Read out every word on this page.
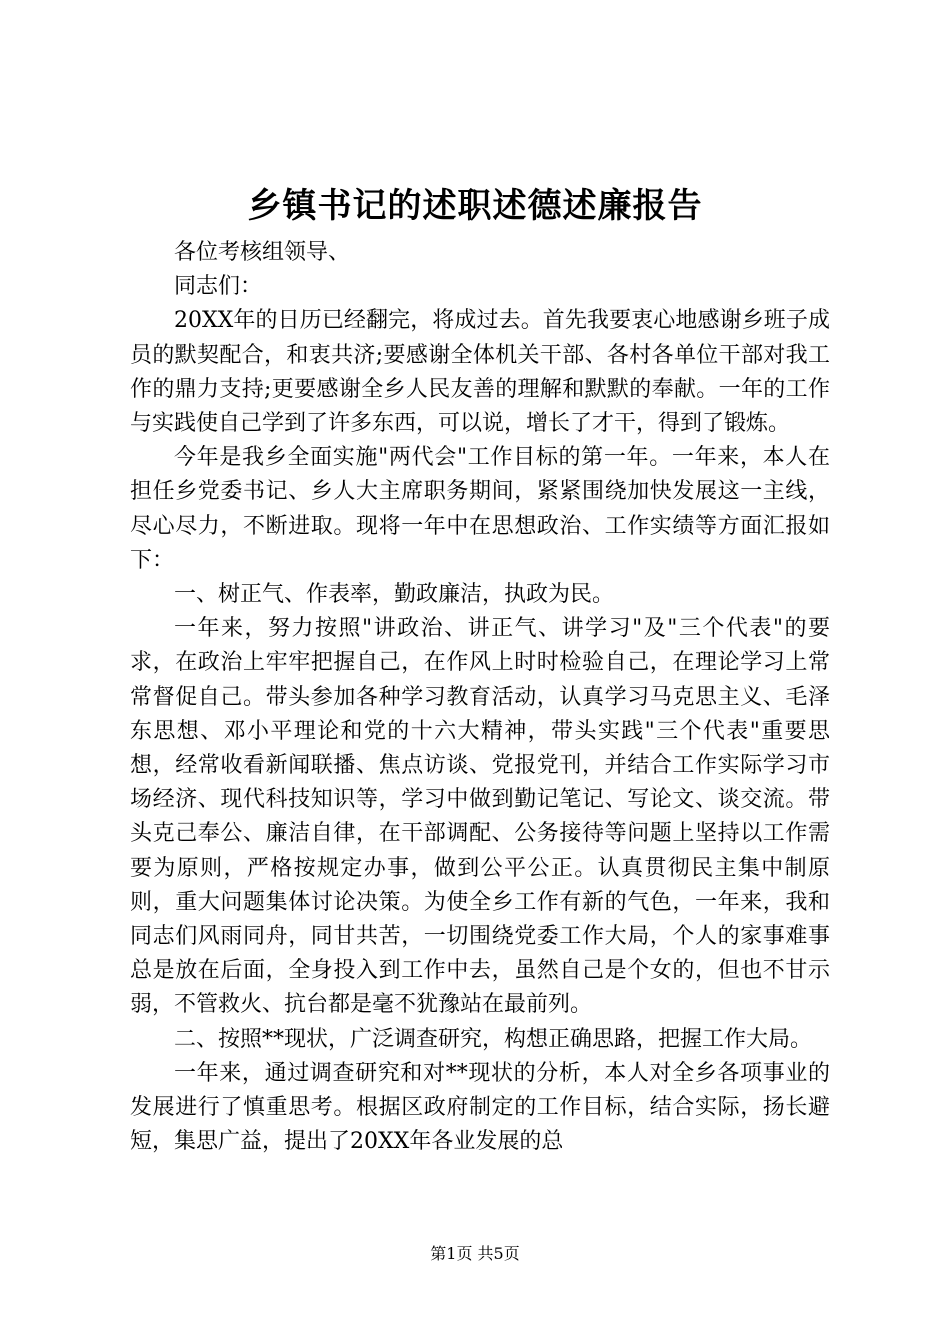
乡镇书记的述职述德述廉报告

各位考核组领导、

同志们：

20XX年的日历已经翻完，将成过去。首先我要衷心地感谢乡班子成员的默契配合，和衷共济;要感谢全体机关干部、各村各单位干部对我工作的鼎力支持;更要感谢全乡人民友善的理解和默默的奉献。一年的工作与实践使自己学到了许多东西，可以说，增长了才干，得到了锻炼。

今年是我乡全面实施"两代会"工作目标的第一年。一年来，本人在担任乡党委书记、乡人大主席职务期间，紧紧围绕加快发展这一主线，尽心尽力，不断进取。现将一年中在思想政治、工作实绩等方面汇报如下：

一、树正气、作表率，勤政廉洁，执政为民。

一年来，努力按照"讲政治、讲正气、讲学习"及"三个代表"的要求，在政治上牢牢把握自己，在作风上时时检验自己，在理论学习上常常督促自己。带头参加各种学习教育活动，认真学习马克思主义、毛泽东思想、邓小平理论和党的十六大精神，带头实践"三个代表"重要思想，经常收看新闻联播、焦点访谈、党报党刊，并结合工作实际学习市场经济、现代科技知识等，学习中做到勤记笔记、写论文、谈交流。带头克己奉公、廉洁自律，在干部调配、公务接待等问题上坚持以工作需要为原则，严格按规定办事，做到公平公正。认真贯彻民主集中制原则，重大问题集体讨论决策。为使全乡工作有新的气色，一年来，我和同志们风雨同舟，同甘共苦，一切围绕党委工作大局，个人的家事难事总是放在后面，全身投入到工作中去，虽然自己是个女的，但也不甘示弱，不管救火、抗台都是毫不犹豫站在最前列。

二、按照**现状，广泛调查研究，构想正确思路，把握工作大局。

一年来，通过调查研究和对**现状的分析，本人对全乡各项事业的发展进行了慎重思考。根据区政府制定的工作目标，结合实际，扬长避短，集思广益，提出了20XX年各业发展的总

第1页 共5页
